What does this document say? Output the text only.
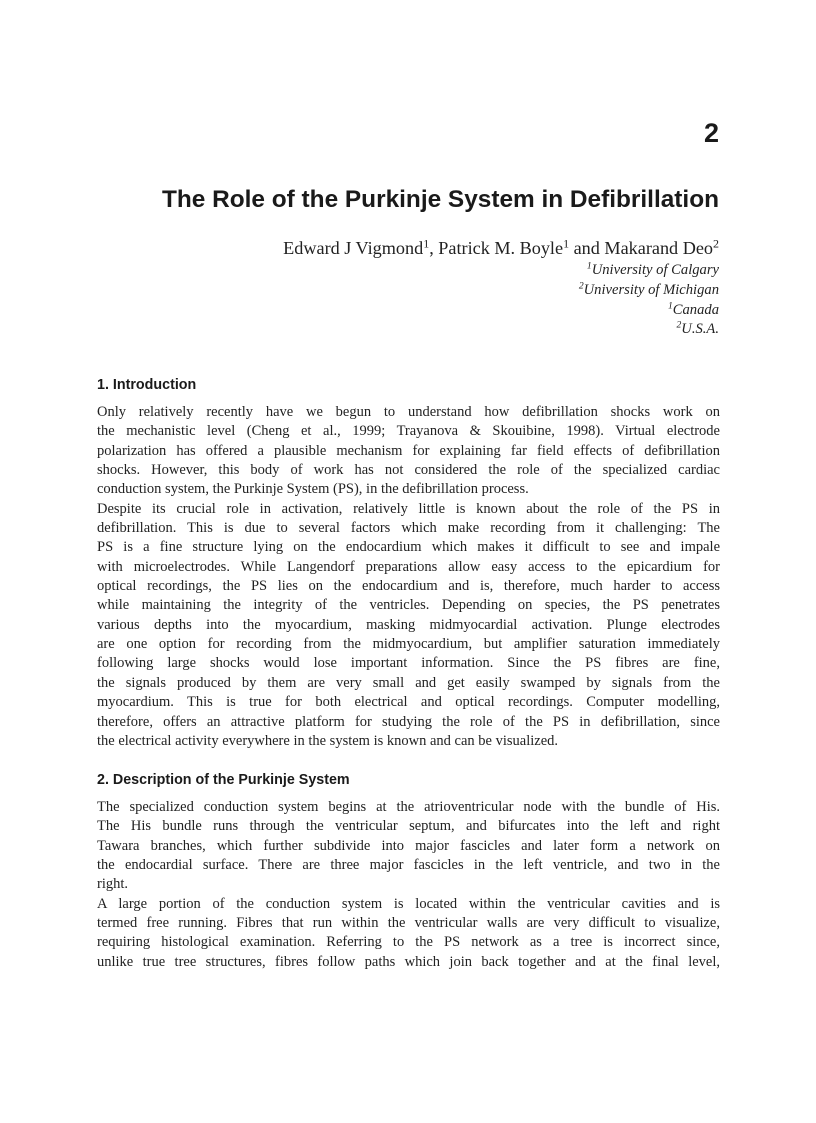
2
The Role of the Purkinje System in Defibrillation

Edward J Vigmond$^1$, Patrick M. Boyle$^1$ and Makarand Deo$^2$

$^1$University of Calgary

$^2$University of Michigan

$^1$Canada

$^2$U.S.A.

1. Introduction
Only relatively recently have we begun to understand how defibrillation shocks work on
the mechanistic level (Cheng et al., 1999; Trayanova & Skouibine, 1998). Virtual electrode
polarization has offered a plausible mechanism for explaining far field effects of defibrillation
shocks. However, this body of work has not considered the role of the specialized cardiac
conduction system, the Purkinje System (PS), in the defibrillation process.
Despite its crucial role in activation, relatively little is known about the role of the PS in
defibrillation. This is due to several factors which make recording from it challenging: The
PS is a fine structure lying on the endocardium which makes it difficult to see and impale
with microelectrodes. While Langendorf preparations allow easy access to the epicardium for
optical recordings, the PS lies on the endocardium and is, therefore, much harder to access
while maintaining the integrity of the ventricles. Depending on species, the PS penetrates
various depths into the myocardium, masking midmyocardial activation. Plunge electrodes
are one option for recording from the midmyocardium, but amplifier saturation immediately
following large shocks would lose important information. Since the PS fibres are fine,
the signals produced by them are very small and get easily swamped by signals from the
myocardium. This is true for both electrical and optical recordings. Computer modelling,
therefore, offers an attractive platform for studying the role of the PS in defibrillation, since
the electrical activity everywhere in the system is known and can be visualized.
2. Description of the Purkinje System
The specialized conduction system begins at the atrioventricular node with the bundle of His.
The His bundle runs through the ventricular septum, and bifurcates into the left and right
Tawara branches, which further subdivide into major fascicles and later form a network on
the endocardial surface. There are three major fascicles in the left ventricle, and two in the
right.
A large portion of the conduction system is located within the ventricular cavities and is
termed free running. Fibres that run within the ventricular walls are very difficult to visualize,
requiring histological examination. Referring to the PS network as a tree is incorrect since,
unlike true tree structures, fibres follow paths which join back together and at the final level,
